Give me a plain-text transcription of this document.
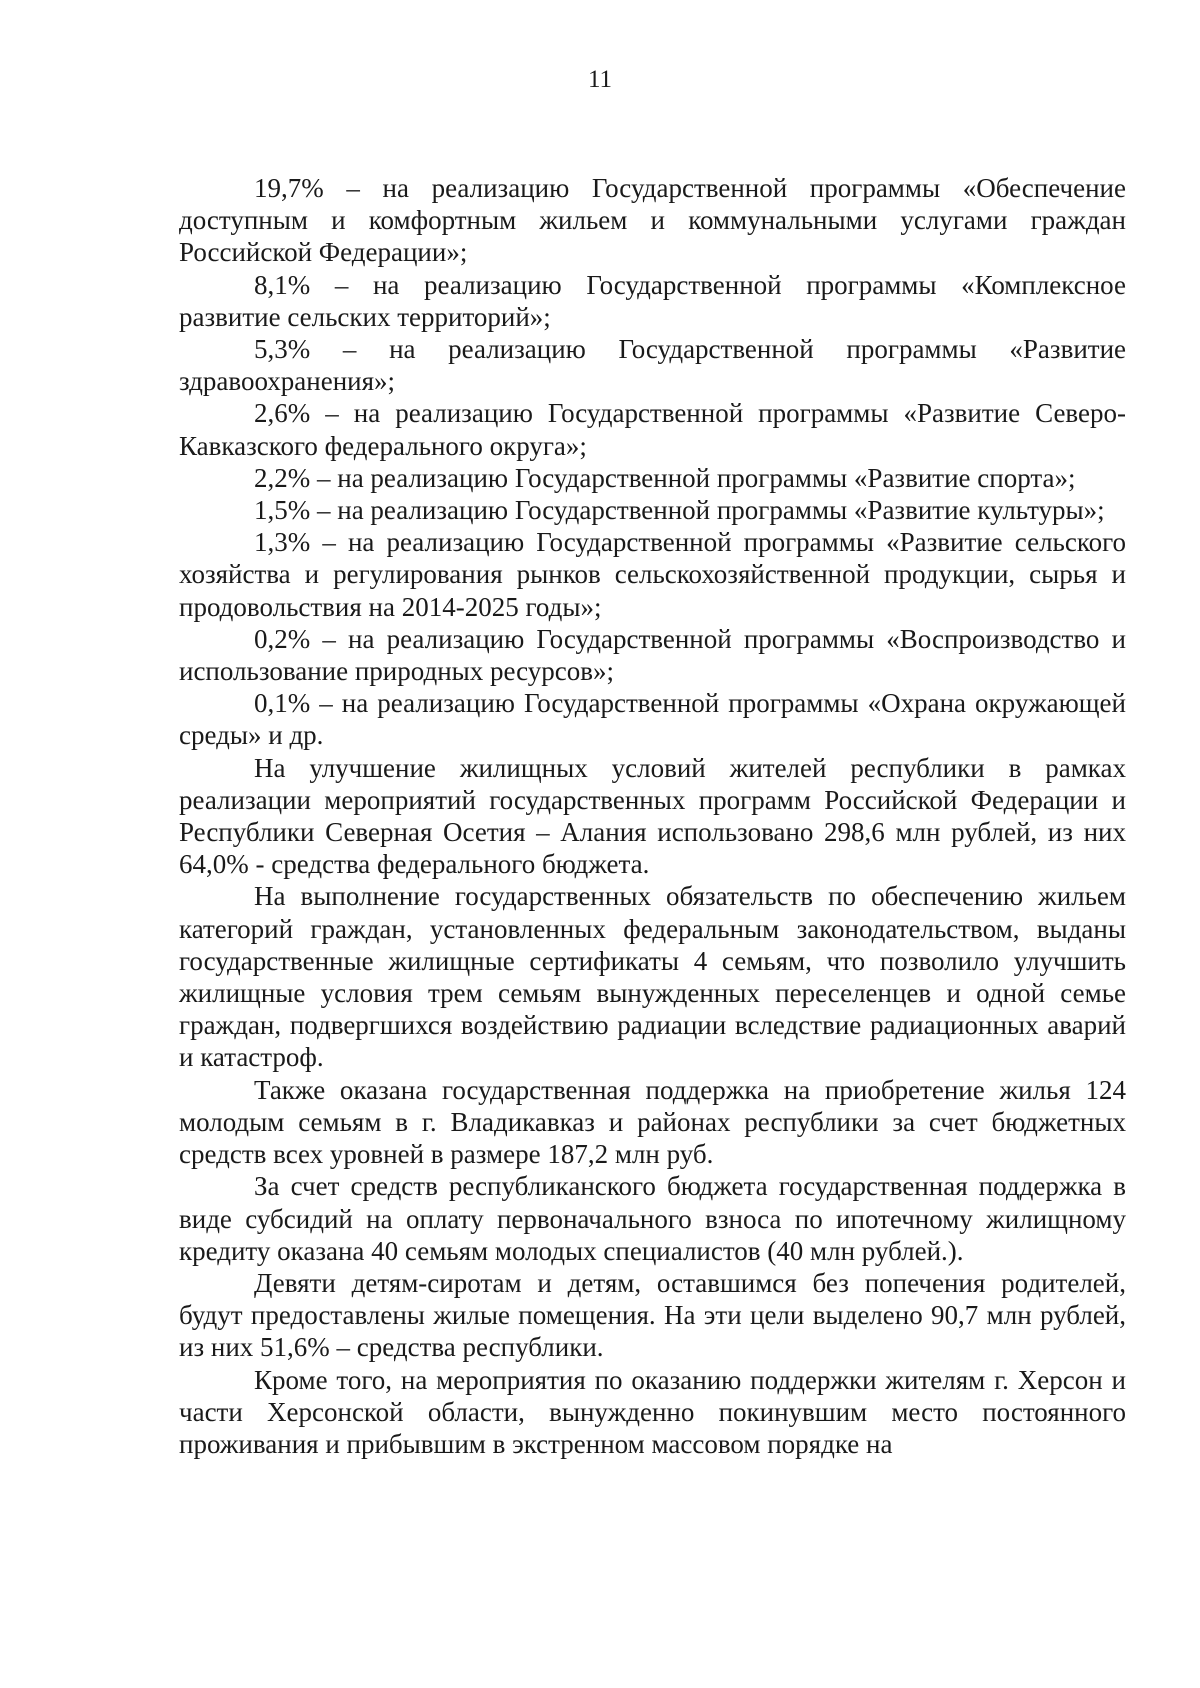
11

19,7% – на реализацию Государственной программы «Обеспечение доступным и комфортным жильем и коммунальными услугами граждан Российской Федерации»;

8,1% – на реализацию Государственной программы «Комплексное развитие сельских территорий»;

5,3% – на реализацию Государственной программы «Развитие здравоохранения»;

2,6% – на реализацию Государственной программы «Развитие Северо-Кавказского федерального округа»;

2,2% – на реализацию Государственной программы «Развитие спорта»;

1,5% – на реализацию Государственной программы «Развитие культуры»;

1,3% – на реализацию Государственной программы «Развитие сельского хозяйства и регулирования рынков сельскохозяйственной продукции, сырья и продовольствия на 2014-2025 годы»;

0,2% – на реализацию Государственной программы «Воспроизводство и использование природных ресурсов»;

0,1% – на реализацию Государственной программы «Охрана окружающей среды» и др.

На улучшение жилищных условий жителей республики в рамках реализации мероприятий государственных программ Российской Федерации и Республики Северная Осетия – Алания использовано 298,6 млн рублей, из них 64,0% - средства федерального бюджета.

На выполнение государственных обязательств по обеспечению жильем категорий граждан, установленных федеральным законодательством, выданы государственные жилищные сертификаты 4 семьям, что позволило улучшить жилищные условия трем семьям вынужденных переселенцев и одной семье граждан, подвергшихся воздействию радиации вследствие радиационных аварий и катастроф.

Также оказана государственная поддержка на приобретение жилья 124 молодым семьям в г. Владикавказ и районах республики за счет бюджетных средств всех уровней в размере 187,2 млн руб.

За счет средств республиканского бюджета государственная поддержка в виде субсидий на оплату первоначального взноса по ипотечному жилищному кредиту оказана 40 семьям молодых специалистов (40 млн рублей.).

Девяти детям-сиротам и детям, оставшимся без попечения родителей, будут предоставлены жилые помещения. На эти цели выделено 90,7 млн рублей, из них 51,6% – средства республики.

Кроме того, на мероприятия по оказанию поддержки жителям г. Херсон и части Херсонской области, вынужденно покинувшим место постоянного проживания и прибывшим в экстренном массовом порядке на
